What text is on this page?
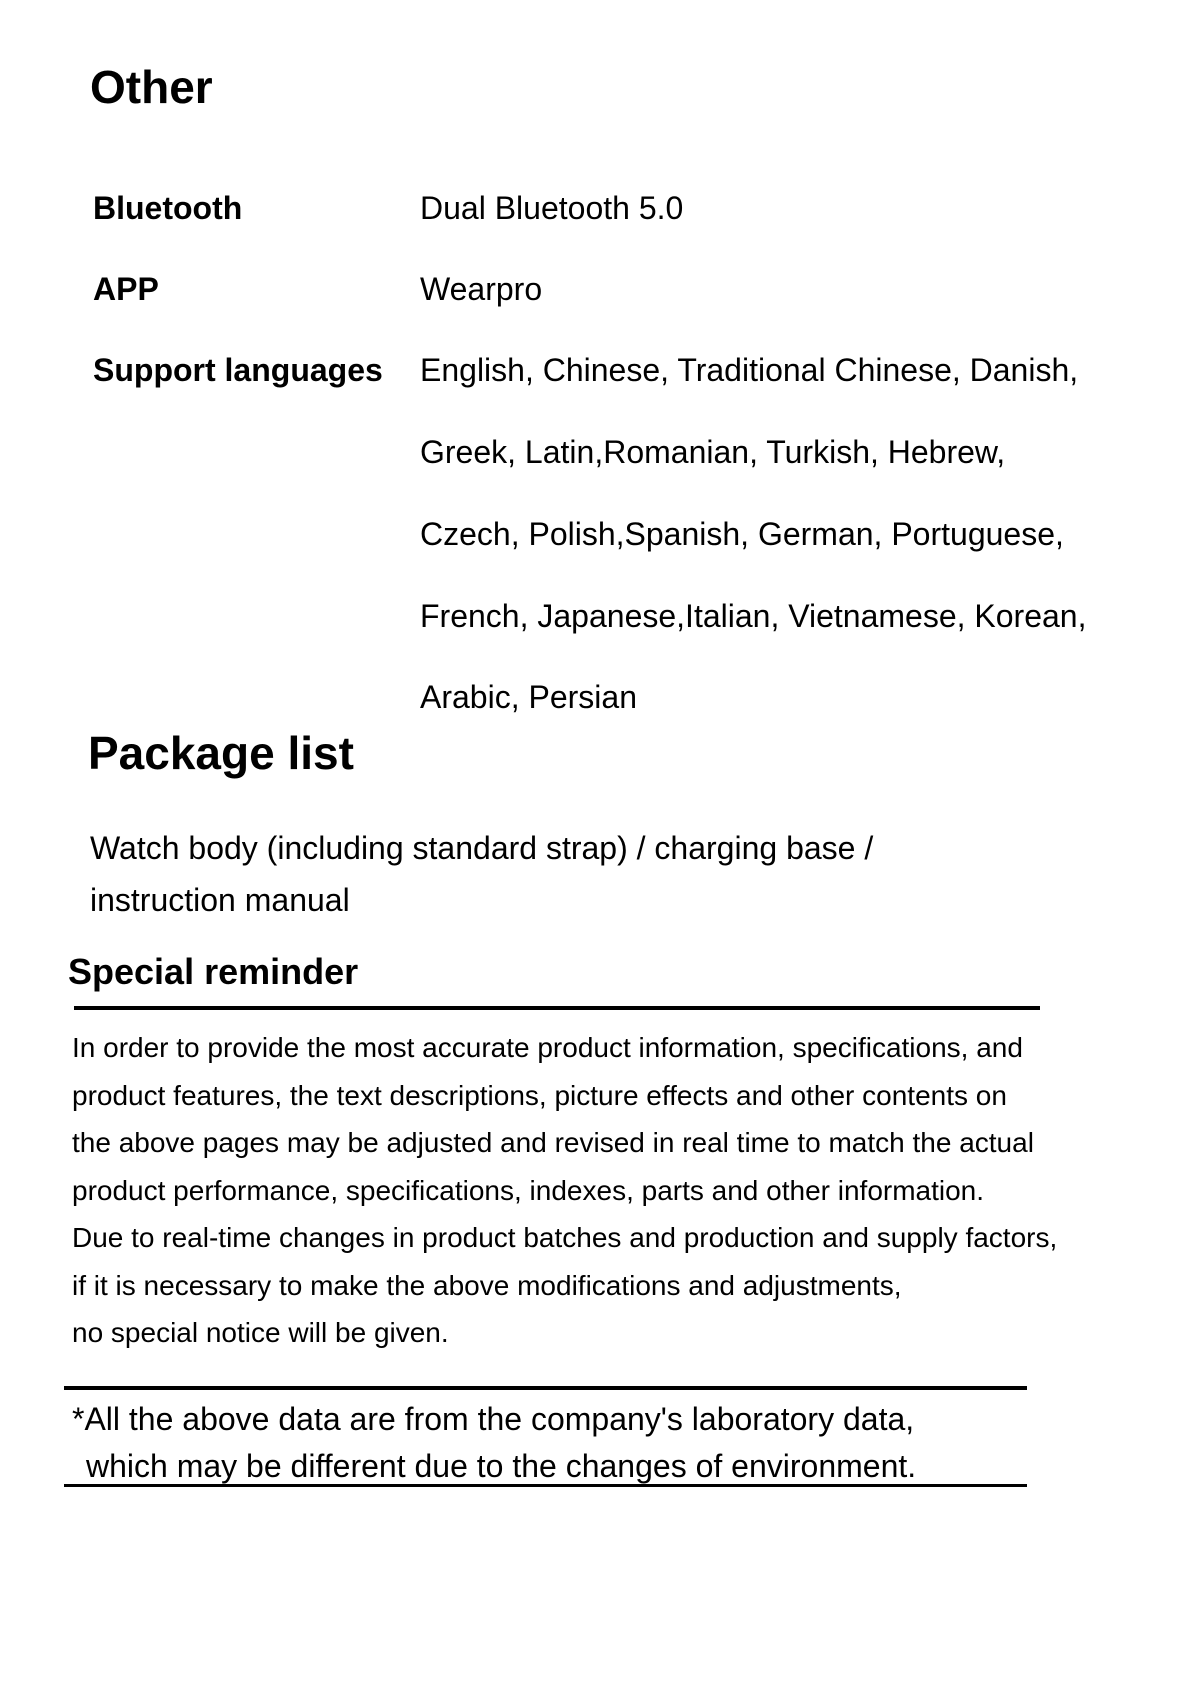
Other
Bluetooth	Dual Bluetooth 5.0
APP	Wearpro
Support languages English, Chinese, Traditional Chinese, Danish,
Greek, Latin,Romanian, Turkish, Hebrew,
Czech, Polish,Spanish, German, Portuguese,
French, Japanese,Italian, Vietnamese, Korean,
Arabic, Persian
Package list
Watch body (including standard strap) / charging base /
instruction manual
Special reminder
In order to provide the most accurate product information, specifications, and
product features, the text descriptions, picture effects and other contents on
the above pages may be adjusted and revised in real time to match the actual
product performance, specifications, indexes, parts and other information.
Due to real-time changes in product batches and production and supply factors,
if it is necessary to make the above modifications and adjustments,
no special notice will be given.
*All the above data are from the company's laboratory data,
which may be different due to the changes of environment.
